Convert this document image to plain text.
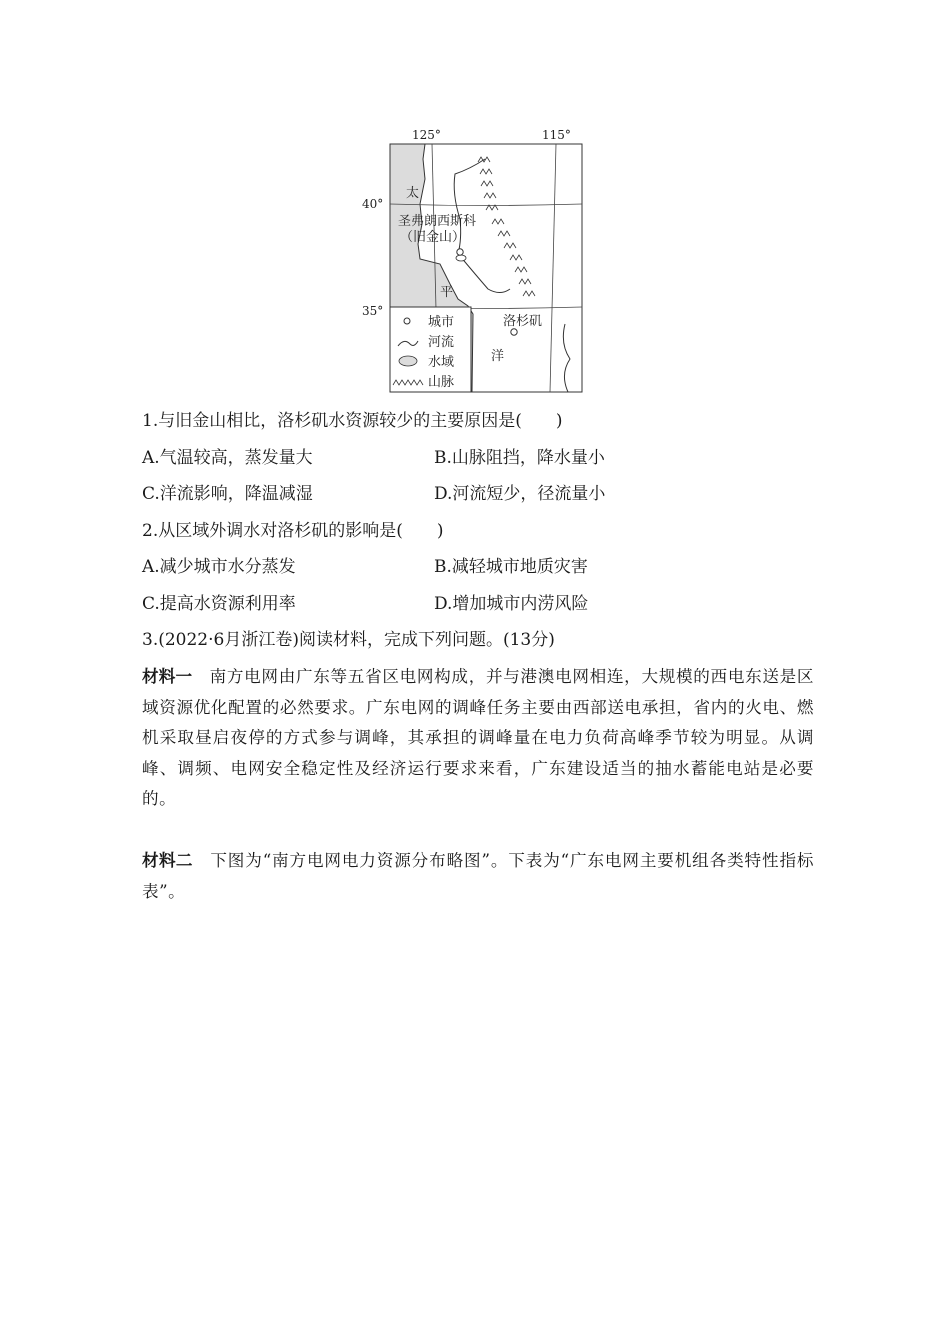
125°	115°
40°
35°
太
平
洋
圣弗朗西斯科
（旧金山）
洛杉矶
城市
河流
水域
山脉
1.与旧金山相比，洛杉矶水资源较少的主要原因是(　　)
A.气温较高，蒸发量大	B.山脉阻挡，降水量小
C.洋流影响，降温减湿	D.河流短少，径流量小
2.从区域外调水对洛杉矶的影响是(　　)
A.减少城市水分蒸发	B.减轻城市地质灾害
C.提高水资源利用率	D.增加城市内涝风险
3.(2022·6月浙江卷)阅读材料，完成下列问题。(13分)
材料一  南方电网由广东等五省区电网构成，并与港澳电网相连，大规模的西电东送是区域资源优化配置的必然要求。广东电网的调峰任务主要由西部送电承担，省内的火电、燃机采取昼启夜停的方式参与调峰，其承担的调峰量在电力负荷高峰季节较为明显。从调峰、调频、电网安全稳定性及经济运行要求来看，广东建设适当的抽水蓄能电站是必要的。
材料二  下图为“南方电网电力资源分布略图”。下表为“广东电网主要机组各类特性指标表”。
